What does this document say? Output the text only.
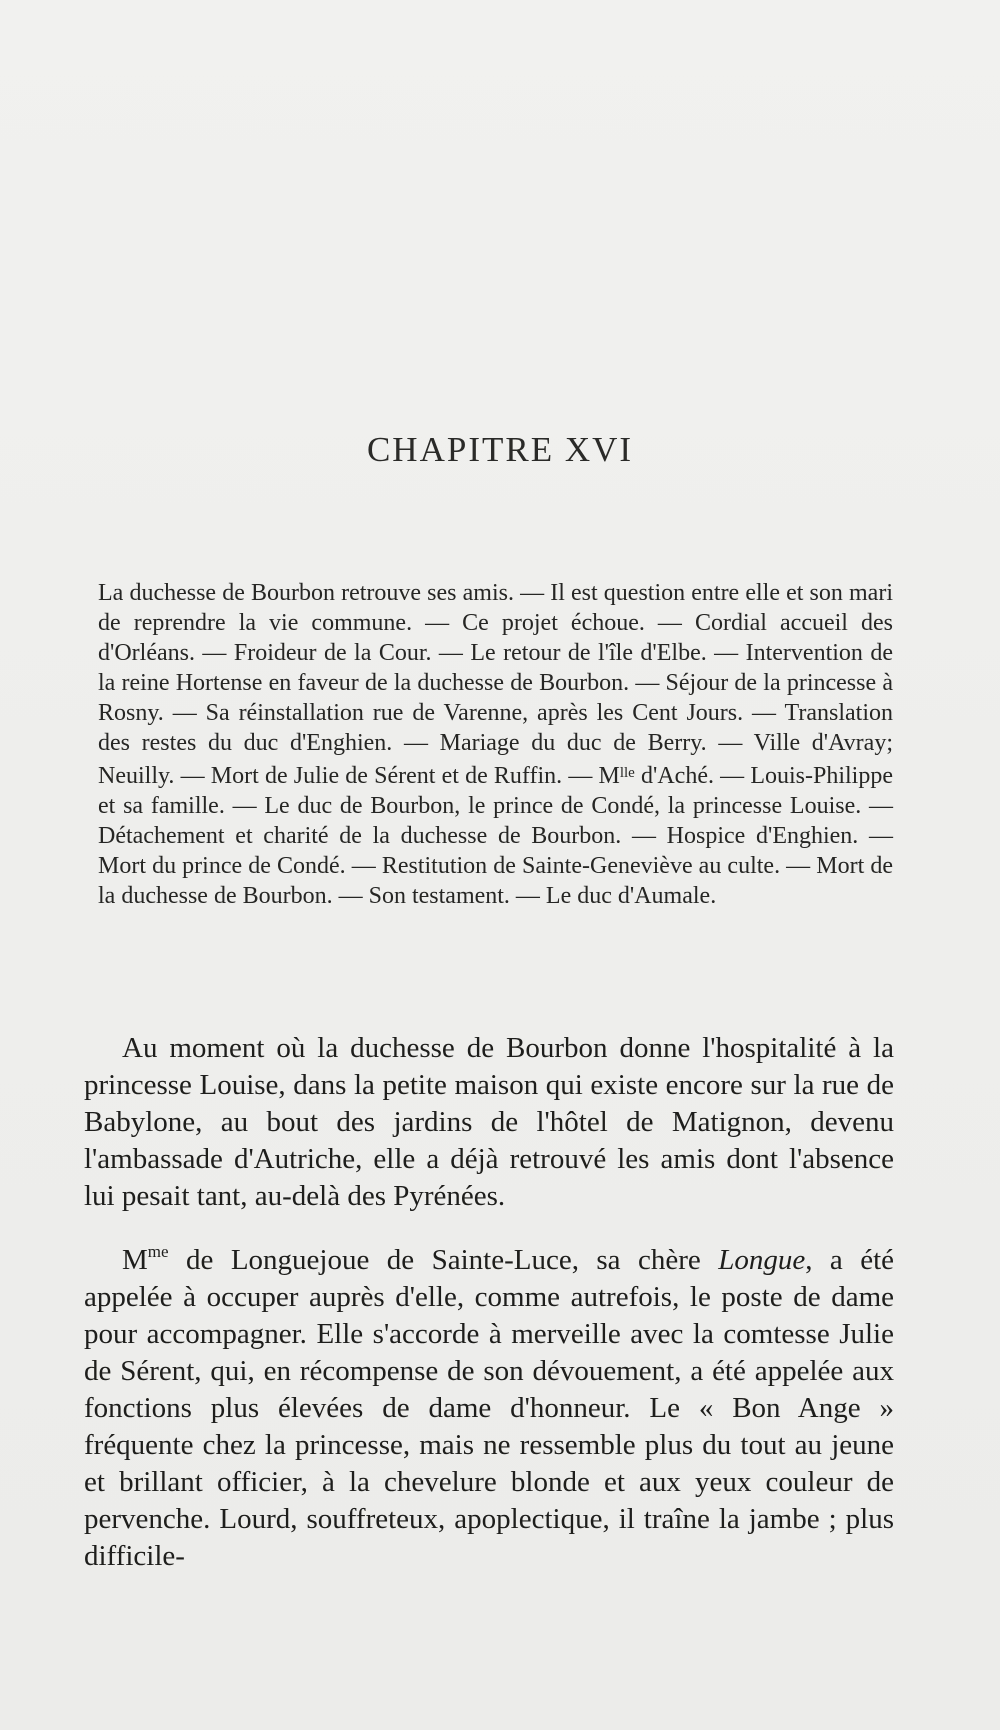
CHAPITRE XVI

La duchesse de Bourbon retrouve ses amis. — Il est question entre elle et son mari de reprendre la vie commune. — Ce projet échoue. — Cordial accueil des d'Orléans. — Froideur de la Cour. — Le retour de l'île d'Elbe. — Intervention de la reine Hortense en faveur de la duchesse de Bourbon. — Séjour de la princesse à Rosny. — Sa réinstallation rue de Varenne, après les Cent Jours. — Translation des restes du duc d'Enghien. — Mariage du duc de Berry. — Ville d'Avray; Neuilly. — Mort de Julie de Sérent et de Ruffin. — $M^{lle}$ d'Aché. — Louis-Philippe et sa famille. — Le duc de Bourbon, le prince de Condé, la princesse Louise. — Détachement et charité de la duchesse de Bourbon. — Hospice d'Enghien. — Mort du prince de Condé. — Restitution de Sainte-Geneviève au culte. — Mort de la duchesse de Bourbon. — Son testament. — Le duc d'Aumale.

Au moment où la duchesse de Bourbon donne l'hospitalité à la princesse Louise, dans la petite maison qui existe encore sur la rue de Babylone, au bout des jardins de l'hôtel de Matignon, devenu l'ambassade d'Autriche, elle a déjà retrouvé les amis dont l'absence lui pesait tant, au-delà des Pyrénées.

$M^{me}$ de Longuejoue de Sainte-Luce, sa chère Longue, a été appelée à occuper auprès d'elle, comme autrefois, le poste de dame pour accompagner. Elle s'accorde à merveille avec la comtesse Julie de Sérent, qui, en récompense de son dévouement, a été appelée aux fonctions plus élevées de dame d'honneur. Le « Bon Ange » fréquente chez la princesse, mais ne ressemble plus du tout au jeune et brillant officier, à la chevelure blonde et aux yeux couleur de pervenche. Lourd, souffreteux, apoplectique, il traîne la jambe ; plus difficile-
